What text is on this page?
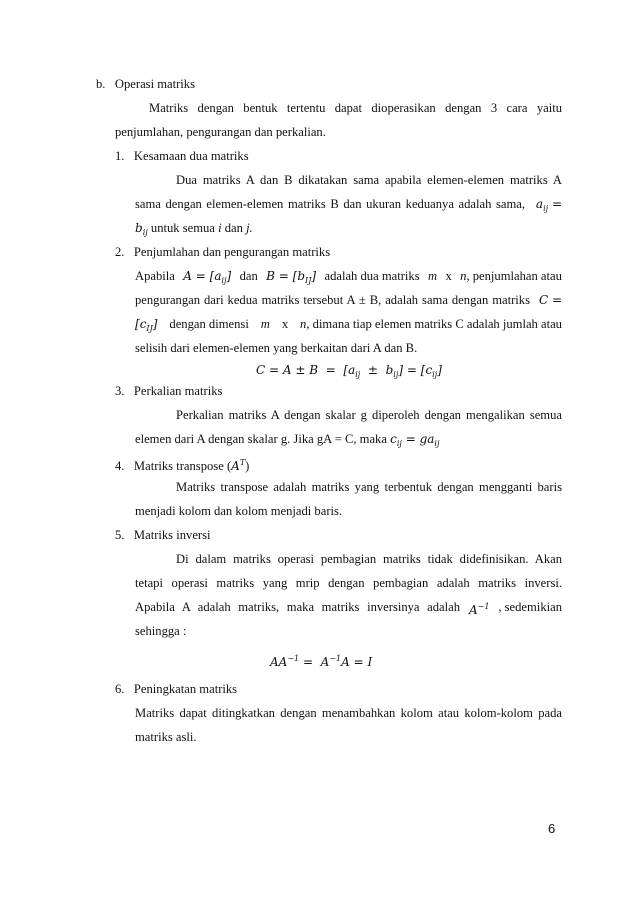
b. Operasi matriks
Matriks dengan bentuk tertentu dapat dioperasikan dengan 3 cara yaitu
penjumlahan, pengurangan dan perkalian.
1. Kesamaan dua matriks
Dua matriks A dan B dikatakan sama apabila elemen-elemen matriks A
sama dengan elemen-elemen matriks B dan ukuran keduanya adalah sama, $a_{ij}$ =
$b_{ij}$ untuk semua i dan j.
2. Penjumlahan dan pengurangan matriks
Apabila $A = [a_{ij}]$ dan $B = [b_{IJ}]$ adalah dua matriks m x n, penjumlahan atau
pengurangan dari kedua matriks tersebut A ± B, adalah sama dengan matriks C =
$[c_{IJ}]$ dengan dimensi m x n, dimana tiap elemen matriks C adalah jumlah atau
selisih dari elemen-elemen yang berkaitan dari A dan B.
$C = A \pm B = [a_{ij} \pm b_{ij}] = [c_{ij}]$
3. Perkalian matriks
Perkalian matriks A dengan skalar g diperoleh dengan mengalikan semua
elemen dari A dengan skalar g. Jika gA = C, maka $c_{ij} = ga_{ij}$
4. Matriks transpose $(A^T)$
Matriks transpose adalah matriks yang terbentuk dengan mengganti baris
menjadi kolom dan kolom menjadi baris.
5. Matriks inversi
Di dalam matriks operasi pembagian matriks tidak didefinisikan. Akan
tetapi operasi matriks yang mrip dengan pembagian adalah matriks inversi.
Apabila A adalah matriks, maka matriks inversinya adalah $A^{-1}$ , sedemikian
sehingga :
$AA^{-1} = A^{-1}A = I$
6. Peningkatan matriks
Matriks dapat ditingkatkan dengan menambahkan kolom atau kolom-kolom pada
matriks asli.
6
